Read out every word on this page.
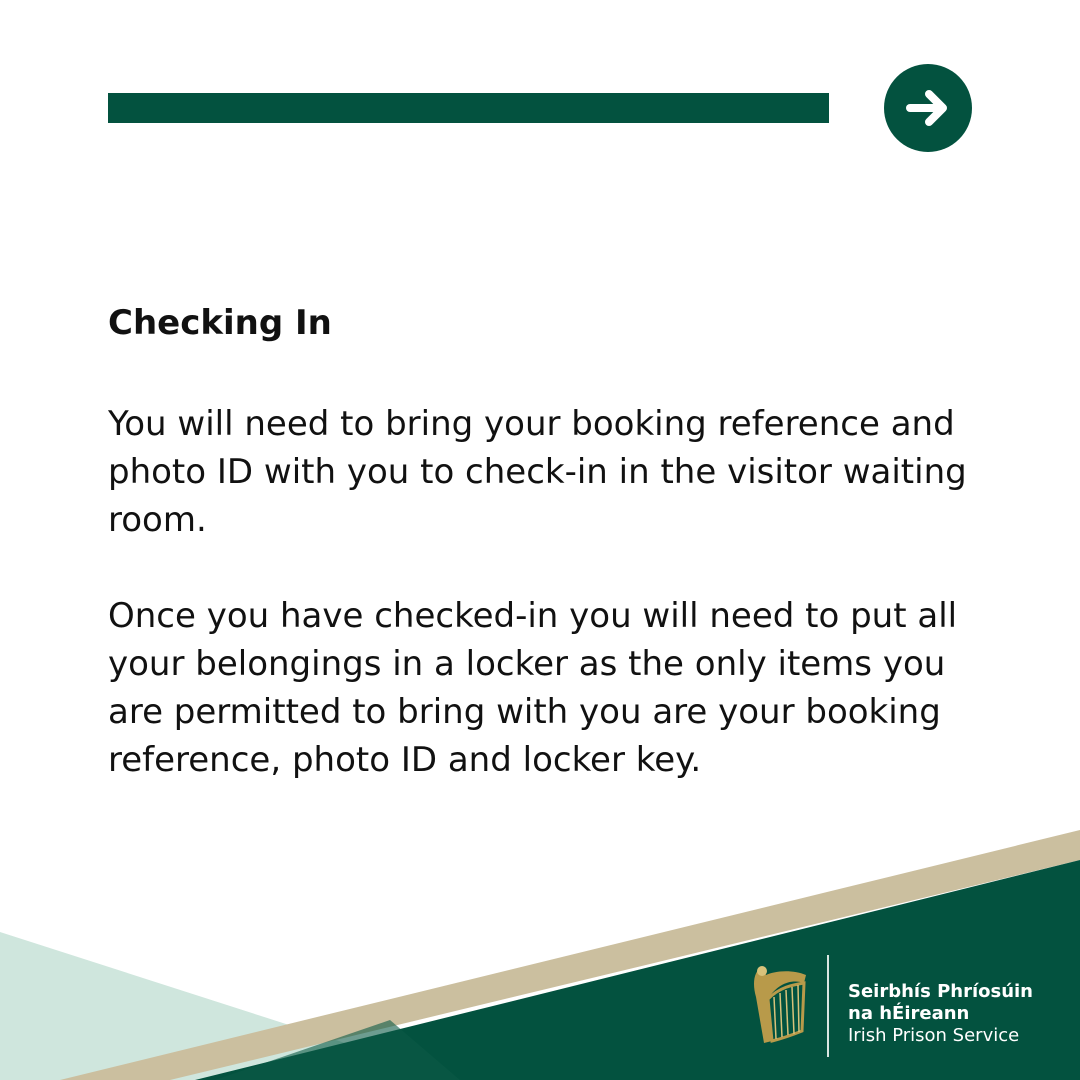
Checking In

You will need to bring your booking reference and photo ID with you to check-in in the visitor waiting room.

Once you have checked-in you will need to put all your belongings in a locker as the only items you are permitted to bring with you are your booking reference, photo ID and locker key.

Seirbhís Phríosúin
na hÉireann
Irish Prison Service
